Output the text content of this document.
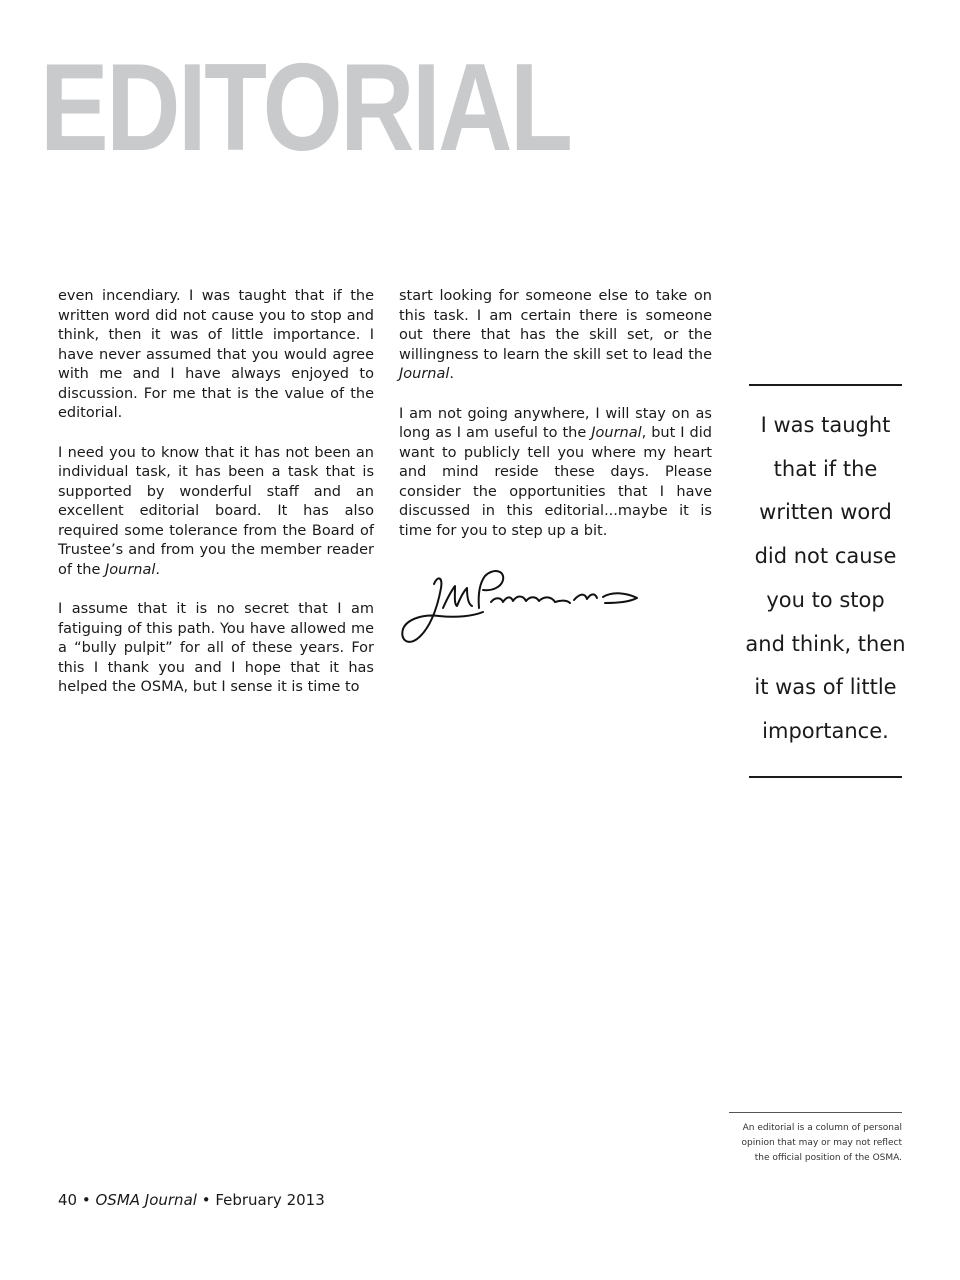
EDITORIAL

even incendiary. I was taught that if the written word did not cause you to stop and think, then it was of little importance. I have never assumed that you would agree with me and I have always enjoyed to discussion. For me that is the value of the editorial.

I need you to know that it has not been an individual task, it has been a task that is supported by wonderful staff and an excellent editorial board. It has also required some tolerance from the Board of Trustee’s and from you the member reader of the Journal.

I assume that it is no secret that I am fatiguing of this path. You have allowed me a “bully pulpit” for all of these years. For this I thank you and I hope that it has helped the OSMA, but I sense it is time to

start looking for someone else to take on this task. I am certain there is someone out there that has the skill set, or the willingness to learn the skill set to lead the Journal.

I am not going anywhere, I will stay on as long as I am useful to the Journal, but I did want to publicly tell you where my heart and mind reside these days. Please consider the opportunities that I have discussed in this editorial...maybe it is time for you to step up a bit.

I was taught
that if the
written word
did not cause
you to stop
and think, then
it was of little
importance.
An editorial is a column of personal
opinion that may or may not reflect
the official position of the OSMA.
40 • OSMA Journal • February 2013
